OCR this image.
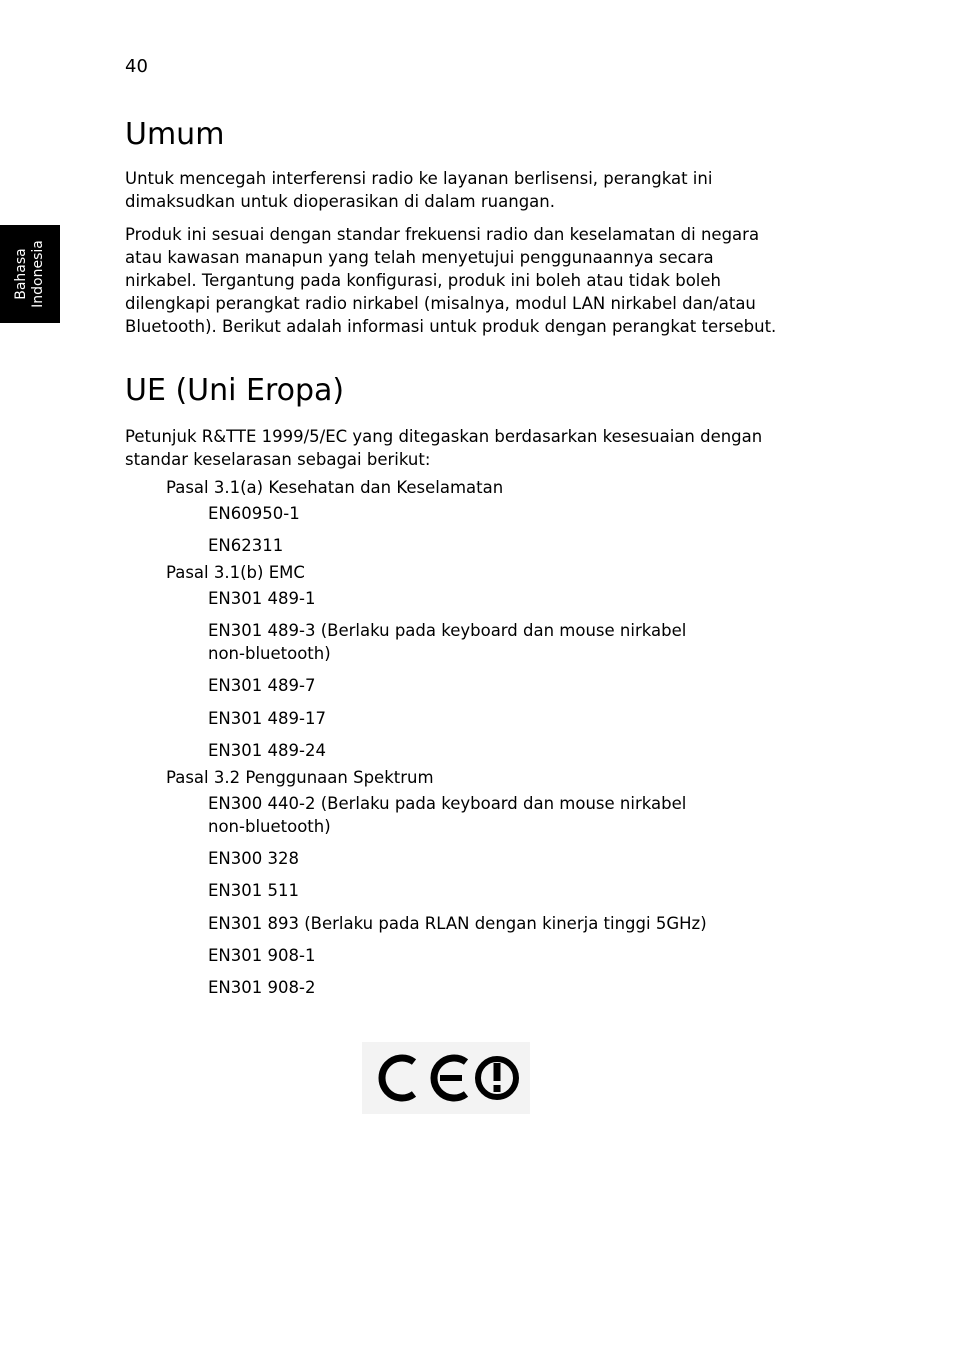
40
Bahasa Indonesia
Umum

Untuk mencegah interferensi radio ke layanan berlisensi, perangkat ini
dimaksudkan untuk dioperasikan di dalam ruangan.

Produk ini sesuai dengan standar frekuensi radio dan keselamatan di negara
atau kawasan manapun yang telah menyetujui penggunaannya secara
nirkabel. Tergantung pada konfigurasi, produk ini boleh atau tidak boleh
dilengkapi perangkat radio nirkabel (misalnya, modul LAN nirkabel dan/atau
Bluetooth). Berikut adalah informasi untuk produk dengan perangkat tersebut.

UE (Uni Eropa)

Petunjuk R&TTE 1999/5/EC yang ditegaskan berdasarkan kesesuaian dengan
standar keselarasan sebagai berikut:

Pasal 3.1(a) Kesehatan dan Keselamatan
EN60950-1
EN62311
Pasal 3.1(b) EMC
EN301 489-1
EN301 489-3 (Berlaku pada keyboard dan mouse nirkabel
non-bluetooth)
EN301 489-7
EN301 489-17
EN301 489-24
Pasal 3.2 Penggunaan Spektrum
EN300 440-2 (Berlaku pada keyboard dan mouse nirkabel
non-bluetooth)
EN300 328
EN301 511
EN301 893 (Berlaku pada RLAN dengan kinerja tinggi 5GHz)
EN301 908-1
EN301 908-2
